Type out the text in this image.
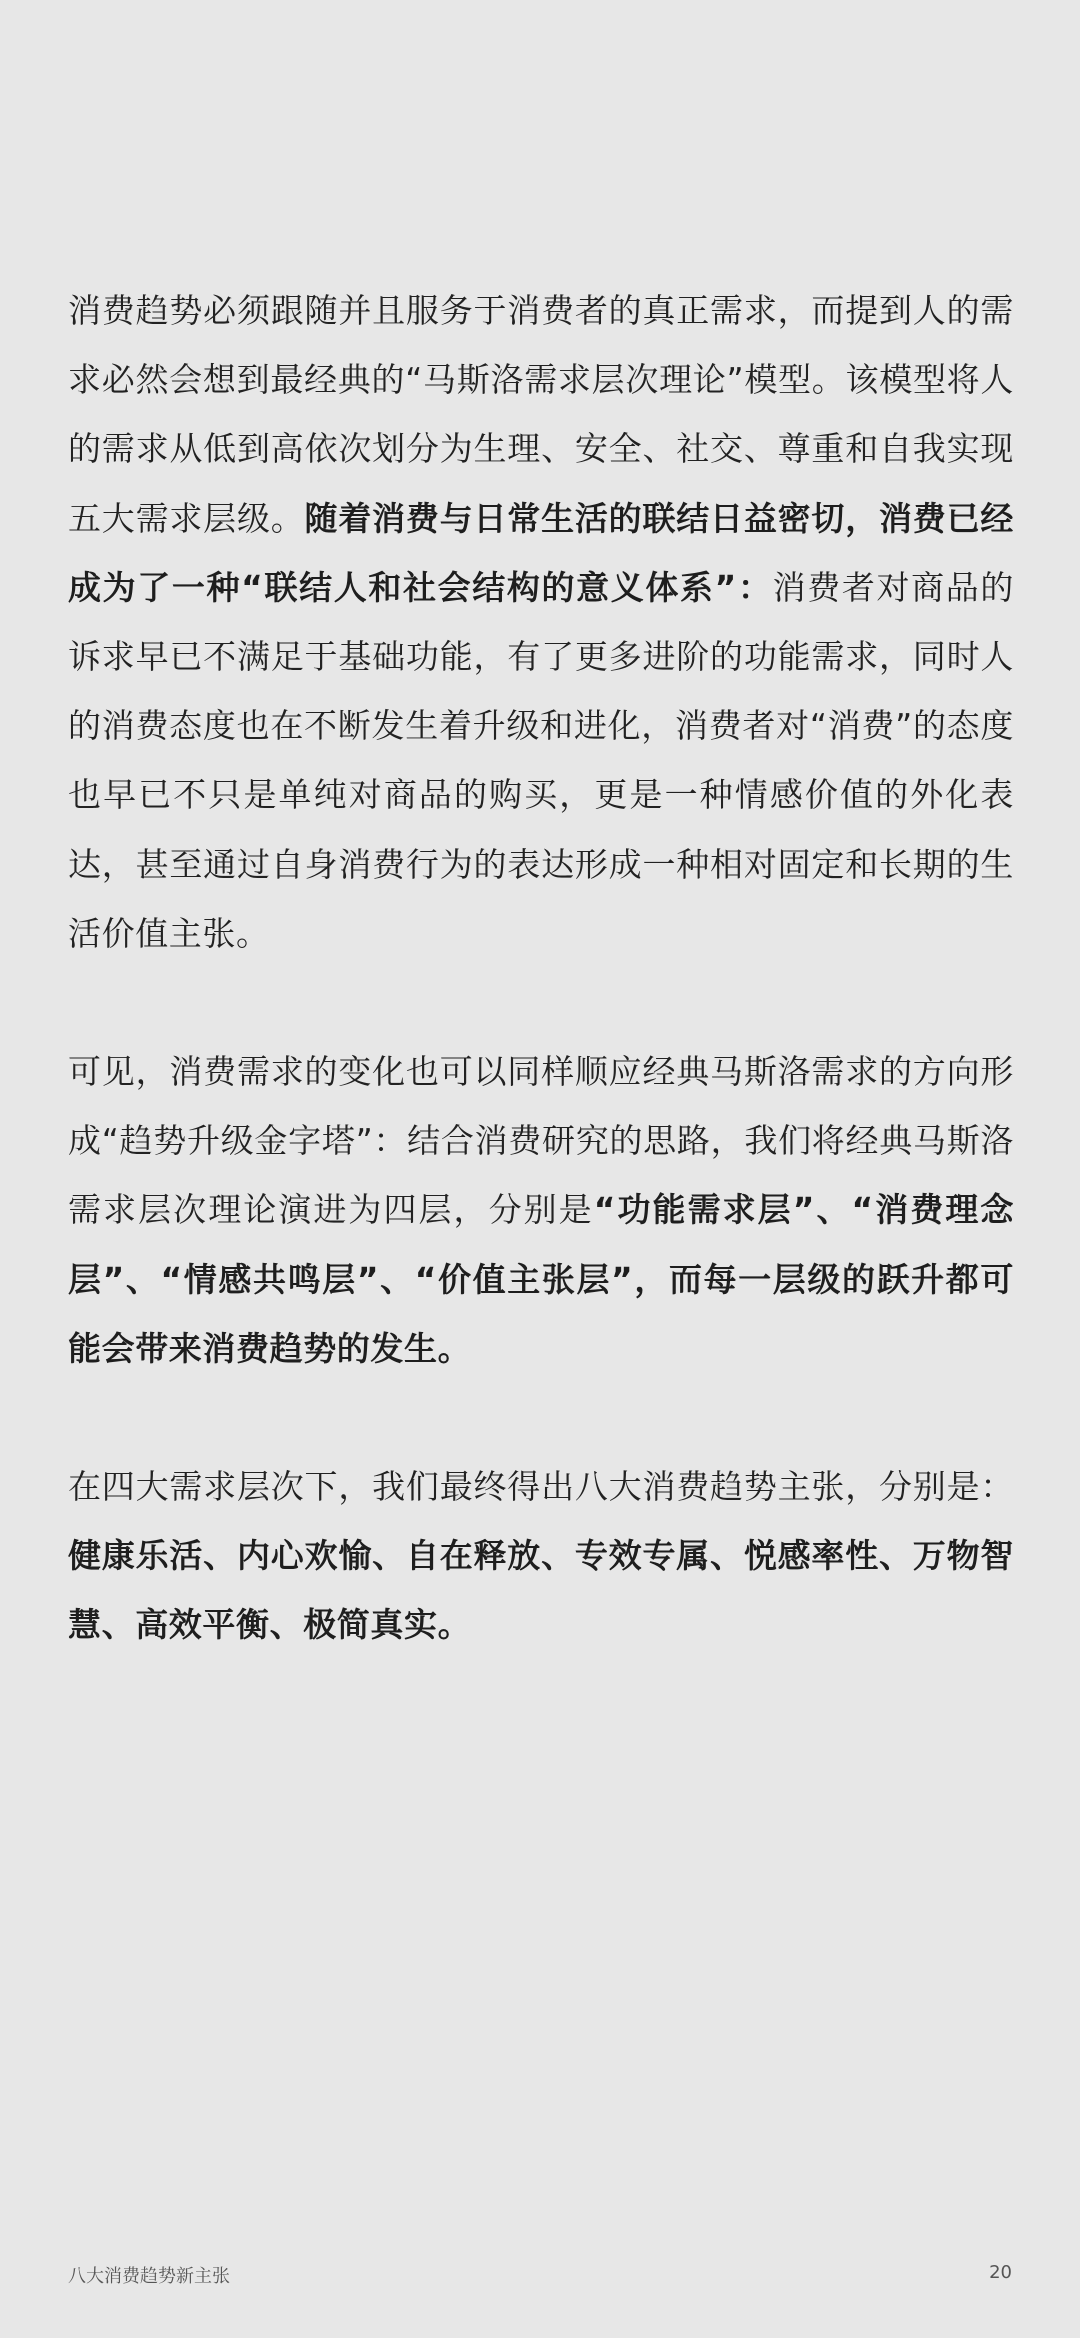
消费趋势必须跟随并且服务于消费者的真正需求，而提到人的需求必然会想到最经典的“马斯洛需求层次理论”模型。该模型将人的需求从低到高依次划分为生理、安全、社交、尊重和自我实现五大需求层级。随着消费与日常生活的联结日益密切，消费已经成为了一种“联结人和社会结构的意义体系”：消费者对商品的诉求早已不满足于基础功能，有了更多进阶的功能需求，同时人的消费态度也在不断发生着升级和进化，消费者对“消费”的态度也早已不只是单纯对商品的购买，更是一种情感价值的外化表达，甚至通过自身消费行为的表达形成一种相对固定和长期的生活价值主张。

可见，消费需求的变化也可以同样顺应经典马斯洛需求的方向形成“趋势升级金字塔”：结合消费研究的思路，我们将经典马斯洛需求层次理论演进为四层，分别是“功能需求层”、“消费理念层”、“情感共鸣层”、“价值主张层”，而每一层级的跃升都可能会带来消费趋势的发生。

在四大需求层次下，我们最终得出八大消费趋势主张，分别是：健康乐活、内心欢愉、自在释放、专效专属、悦感率性、万物智慧、高效平衡、极简真实。

八大消费趋势新主张	20
